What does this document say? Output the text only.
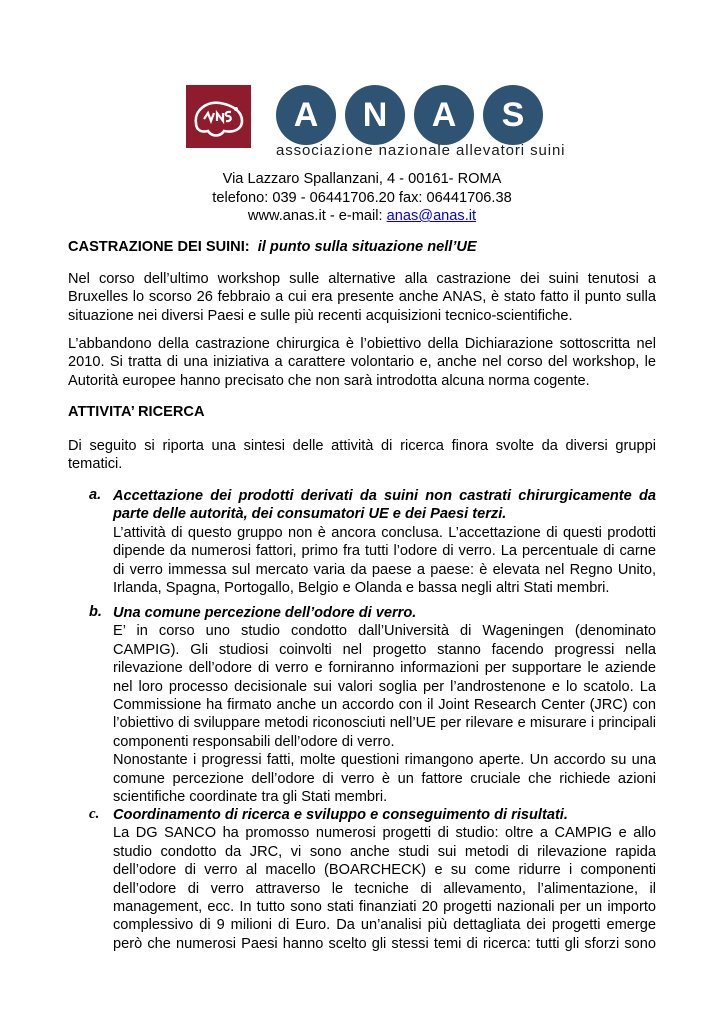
A	N	A	S
associazione nazionale allevatori suini
Via Lazzaro Spallanzani, 4 - 00161- ROMA
telefono: 039 - 06441706.20 fax: 06441706.38
www.anas.it - e-mail: anas@anas.it
CASTRAZIONE DEI SUINI: il punto sulla situazione nell’UE
Nel corso dell’ultimo workshop sulle alternative alla castrazione dei suini tenutosi a
Bruxelles lo scorso 26 febbraio a cui era presente anche ANAS, è stato fatto il punto sulla
situazione nei diversi Paesi e sulle più recenti acquisizioni tecnico-scientifiche.
L’abbandono della castrazione chirurgica è l’obiettivo della Dichiarazione sottoscritta nel
2010. Si tratta di una iniziativa a carattere volontario e, anche nel corso del workshop, le
Autorità europee hanno precisato che non sarà introdotta alcuna norma cogente.
ATTIVITA’ RICERCA
Di seguito si riporta una sintesi delle attività di ricerca finora svolte da diversi gruppi
tematici.
a. Accettazione dei prodotti derivati da suini non castrati chirurgicamente da
parte delle autorità, dei consumatori UE e dei Paesi terzi.
L’attività di questo gruppo non è ancora conclusa. L’accettazione di questi prodotti
dipende da numerosi fattori, primo fra tutti l’odore di verro. La percentuale di carne
di verro immessa sul mercato varia da paese a paese: è elevata nel Regno Unito,
Irlanda, Spagna, Portogallo, Belgio e Olanda e bassa negli altri Stati membri.
b. Una comune percezione dell’odore di verro.
E’ in corso uno studio condotto dall’Università di Wageningen (denominato
CAMPIG). Gli studiosi coinvolti nel progetto stanno facendo progressi nella
rilevazione dell’odore di verro e forniranno informazioni per supportare le aziende
nel loro processo decisionale sui valori soglia per l’androstenone e lo scatolo. La
Commissione ha firmato anche un accordo con il Joint Research Center (JRC) con
l’obiettivo di sviluppare metodi riconosciuti nell’UE per rilevare e misurare i principali
componenti responsabili dell’odore di verro.
Nonostante i progressi fatti, molte questioni rimangono aperte. Un accordo su una
comune percezione dell’odore di verro è un fattore cruciale che richiede azioni
scientifiche coordinate tra gli Stati membri.
c. Coordinamento di ricerca e sviluppo e conseguimento di risultati.
La DG SANCO ha promosso numerosi progetti di studio: oltre a CAMPIG e allo
studio condotto da JRC, vi sono anche studi sui metodi di rilevazione rapida
dell’odore di verro al macello (BOARCHECK) e su come ridurre i componenti
dell’odore di verro attraverso le tecniche di allevamento, l’alimentazione, il
management, ecc. In tutto sono stati finanziati 20 progetti nazionali per un importo
complessivo di 9 milioni di Euro. Da un’analisi più dettagliata dei progetti emerge
però che numerosi Paesi hanno scelto gli stessi temi di ricerca: tutti gli sforzi sono
